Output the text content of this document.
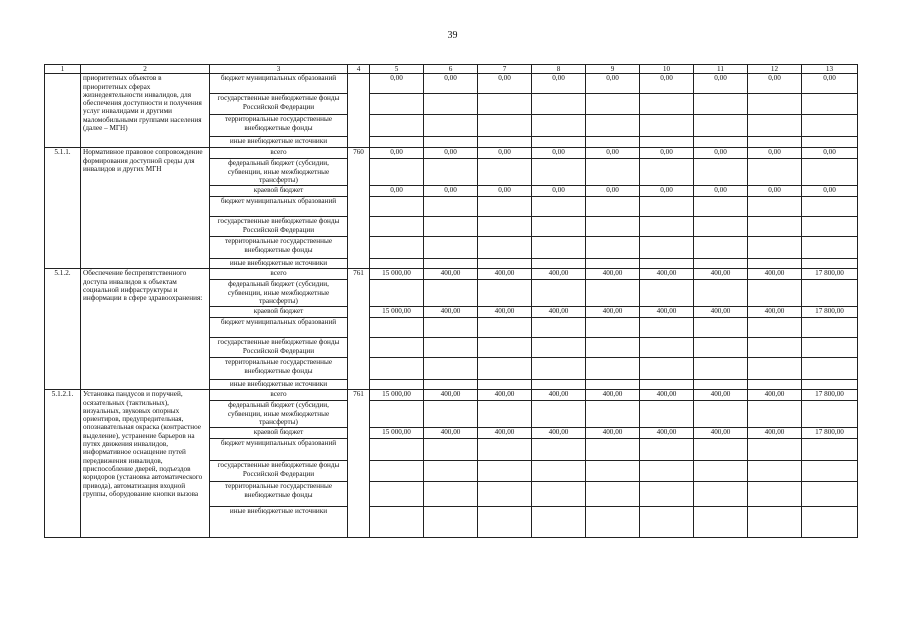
39
1	2	3	4	5	6	7	8	9	10	11	12	13
	приоритетных объектов в приоритетных сферах жизнедеятельности инвалидов, для обеспечения доступности и получения услуг инвалидами и другими маломобильными группами населения (далее – МГН)	бюджет муниципальных образований		0,00	0,00	0,00	0,00	0,00	0,00	0,00	0,00	0,00
		государственные внебюджетные фонды Российской Федерации										
		территориальные государственные внебюджетные фонды										
		иные внебюджетные источники										
5.1.1.	Нормативное правовое сопровождение формирования доступной среды для инвалидов и других МГН	всего	760	0,00	0,00	0,00	0,00	0,00	0,00	0,00	0,00	0,00
		федеральный бюджет (субсидии, субвенции, иные межбюджетные трансферты)										
		краевой бюджет		0,00	0,00	0,00	0,00	0,00	0,00	0,00	0,00	0,00
		бюджет муниципальных образований										
		государственные внебюджетные фонды Российской Федерации										
		территориальные государственные внебюджетные фонды										
		иные внебюджетные источники										
5.1.2.	Обеспечение беспрепятственного доступа инвалидов к объектам социальной инфраструктуры и информации в сфере здравоохранения:	всего	761	15 000,00	400,00	400,00	400,00	400,00	400,00	400,00	400,00	17 800,00
		федеральный бюджет (субсидии, субвенции, иные межбюджетные трансферты)										
		краевой бюджет		15 000,00	400,00	400,00	400,00	400,00	400,00	400,00	400,00	17 800,00
		бюджет муниципальных образований										
		государственные внебюджетные фонды Российской Федерации										
		территориальные государственные внебюджетные фонды										
		иные внебюджетные источники										
5.1.2.1.	Установка пандусов и поручней, осязательных (тактильных), визуальных, звуковых опорных ориентиров, предупредительная, опознавательная окраска (контрастное выделение), устранение барьеров на путях движения инвалидов, информативное оснащение путей передвижения инвалидов, приспособление дверей, подъездов коридоров (установка автоматического привода), автоматизация входной группы, оборудование кнопки вызова	всего	761	15 000,00	400,00	400,00	400,00	400,00	400,00	400,00	400,00	17 800,00
		федеральный бюджет (субсидии, субвенции, иные межбюджетные трансферты)										
		краевой бюджет		15 000,00	400,00	400,00	400,00	400,00	400,00	400,00	400,00	17 800,00
		бюджет муниципальных образований										
		государственные внебюджетные фонды Российской Федерации										
		территориальные государственные внебюджетные фонды										
		иные внебюджетные источники										
